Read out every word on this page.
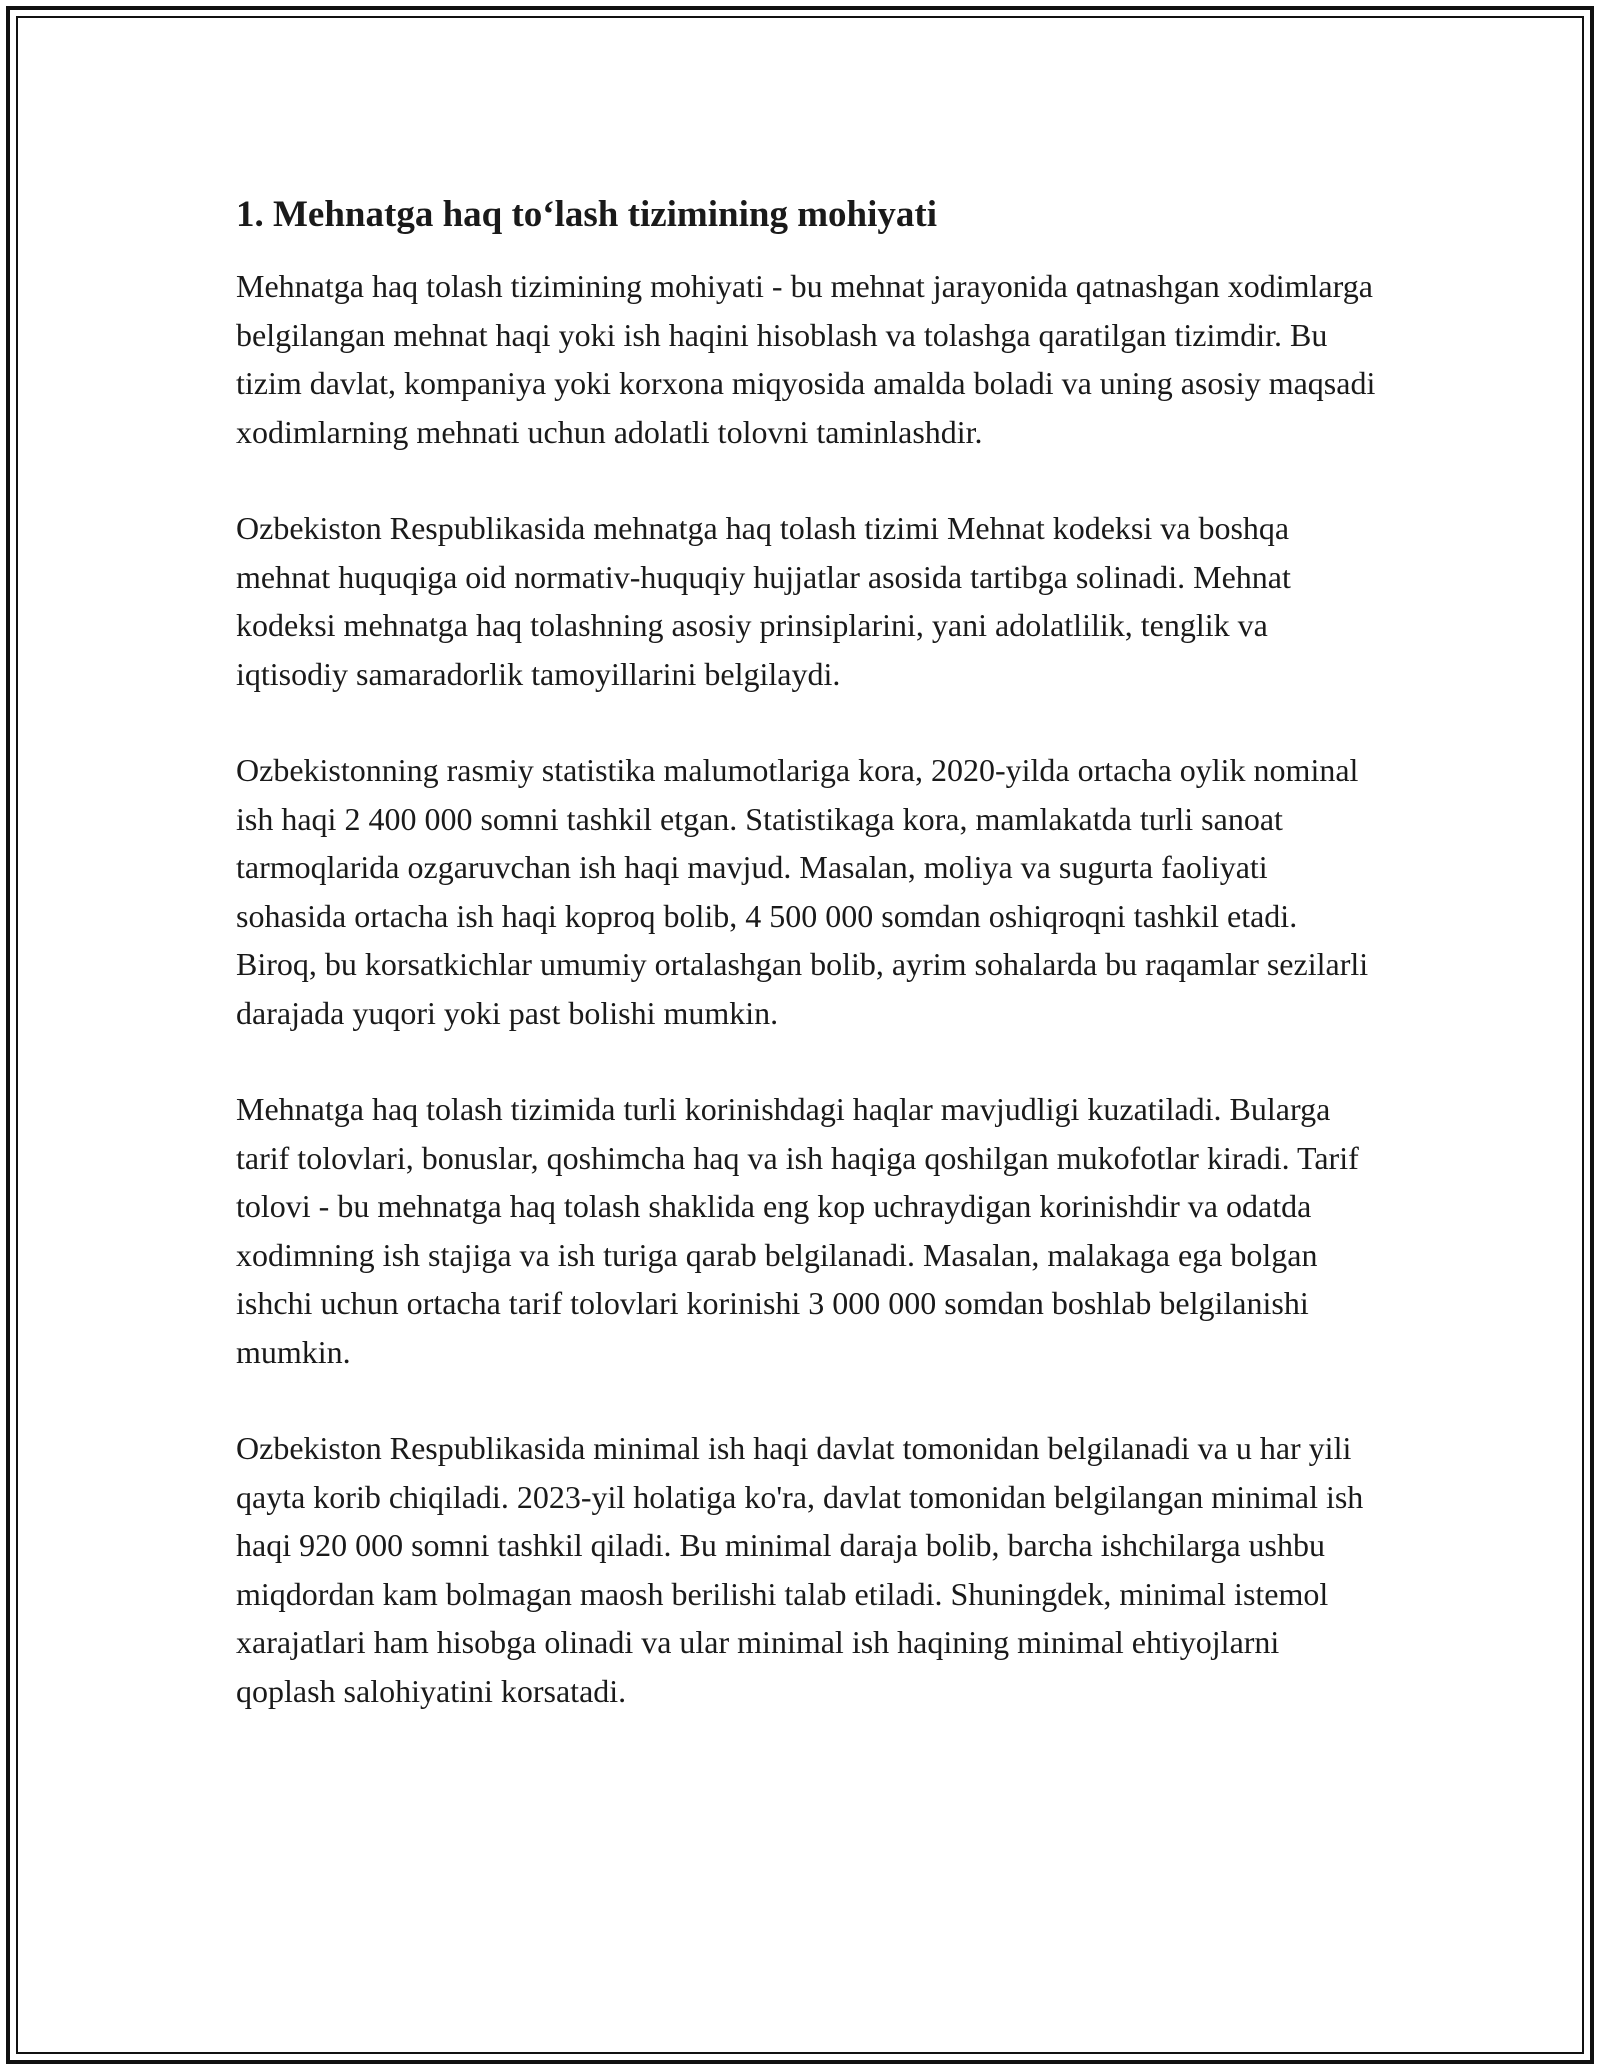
1. Mehnatga haq to‘lash tizimining mohiyati

Mehnatga haq tolash tizimining mohiyati - bu mehnat jarayonida qatnashgan xodimlarga belgilangan mehnat haqi yoki ish haqini hisoblash va tolashga qaratilgan tizimdir. Bu tizim davlat, kompaniya yoki korxona miqyosida amalda boladi va uning asosiy maqsadi xodimlarning mehnati uchun adolatli tolovni taminlashdir.

Ozbekiston Respublikasida mehnatga haq tolash tizimi Mehnat kodeksi va boshqa mehnat huquqiga oid normativ-huquqiy hujjatlar asosida tartibga solinadi. Mehnat kodeksi mehnatga haq tolashning asosiy prinsiplarini, yani adolatlilik, tenglik va iqtisodiy samaradorlik tamoyillarini belgilaydi.

Ozbekistonning rasmiy statistika malumotlariga kora, 2020-yilda ortacha oylik nominal ish haqi 2 400 000 somni tashkil etgan. Statistikaga kora, mamlakatda turli sanoat tarmoqlarida ozgaruvchan ish haqi mavjud. Masalan, moliya va sugurta faoliyati sohasida ortacha ish haqi koproq bolib, 4 500 000 somdan oshiqroqni tashkil etadi. Biroq, bu korsatkichlar umumiy ortalashgan bolib, ayrim sohalarda bu raqamlar sezilarli darajada yuqori yoki past bolishi mumkin.

Mehnatga haq tolash tizimida turli korinishdagi haqlar mavjudligi kuzatiladi. Bularga tarif tolovlari, bonuslar, qoshimcha haq va ish haqiga qoshilgan mukofotlar kiradi. Tarif tolovi - bu mehnatga haq tolash shaklida eng kop uchraydigan korinishdir va odatda xodimning ish stajiga va ish turiga qarab belgilanadi. Masalan, malakaga ega bolgan ishchi uchun ortacha tarif tolovlari korinishi 3 000 000 somdan boshlab belgilanishi mumkin.

Ozbekiston Respublikasida minimal ish haqi davlat tomonidan belgilanadi va u har yili qayta korib chiqiladi. 2023-yil holatiga ko'ra, davlat tomonidan belgilangan minimal ish haqi 920 000 somni tashkil qiladi. Bu minimal daraja bolib, barcha ishchilarga ushbu miqdordan kam bolmagan maosh berilishi talab etiladi. Shuningdek, minimal istemol xarajatlari ham hisobga olinadi va ular minimal ish haqining minimal ehtiyojlarni qoplash salohiyatini korsatadi.
